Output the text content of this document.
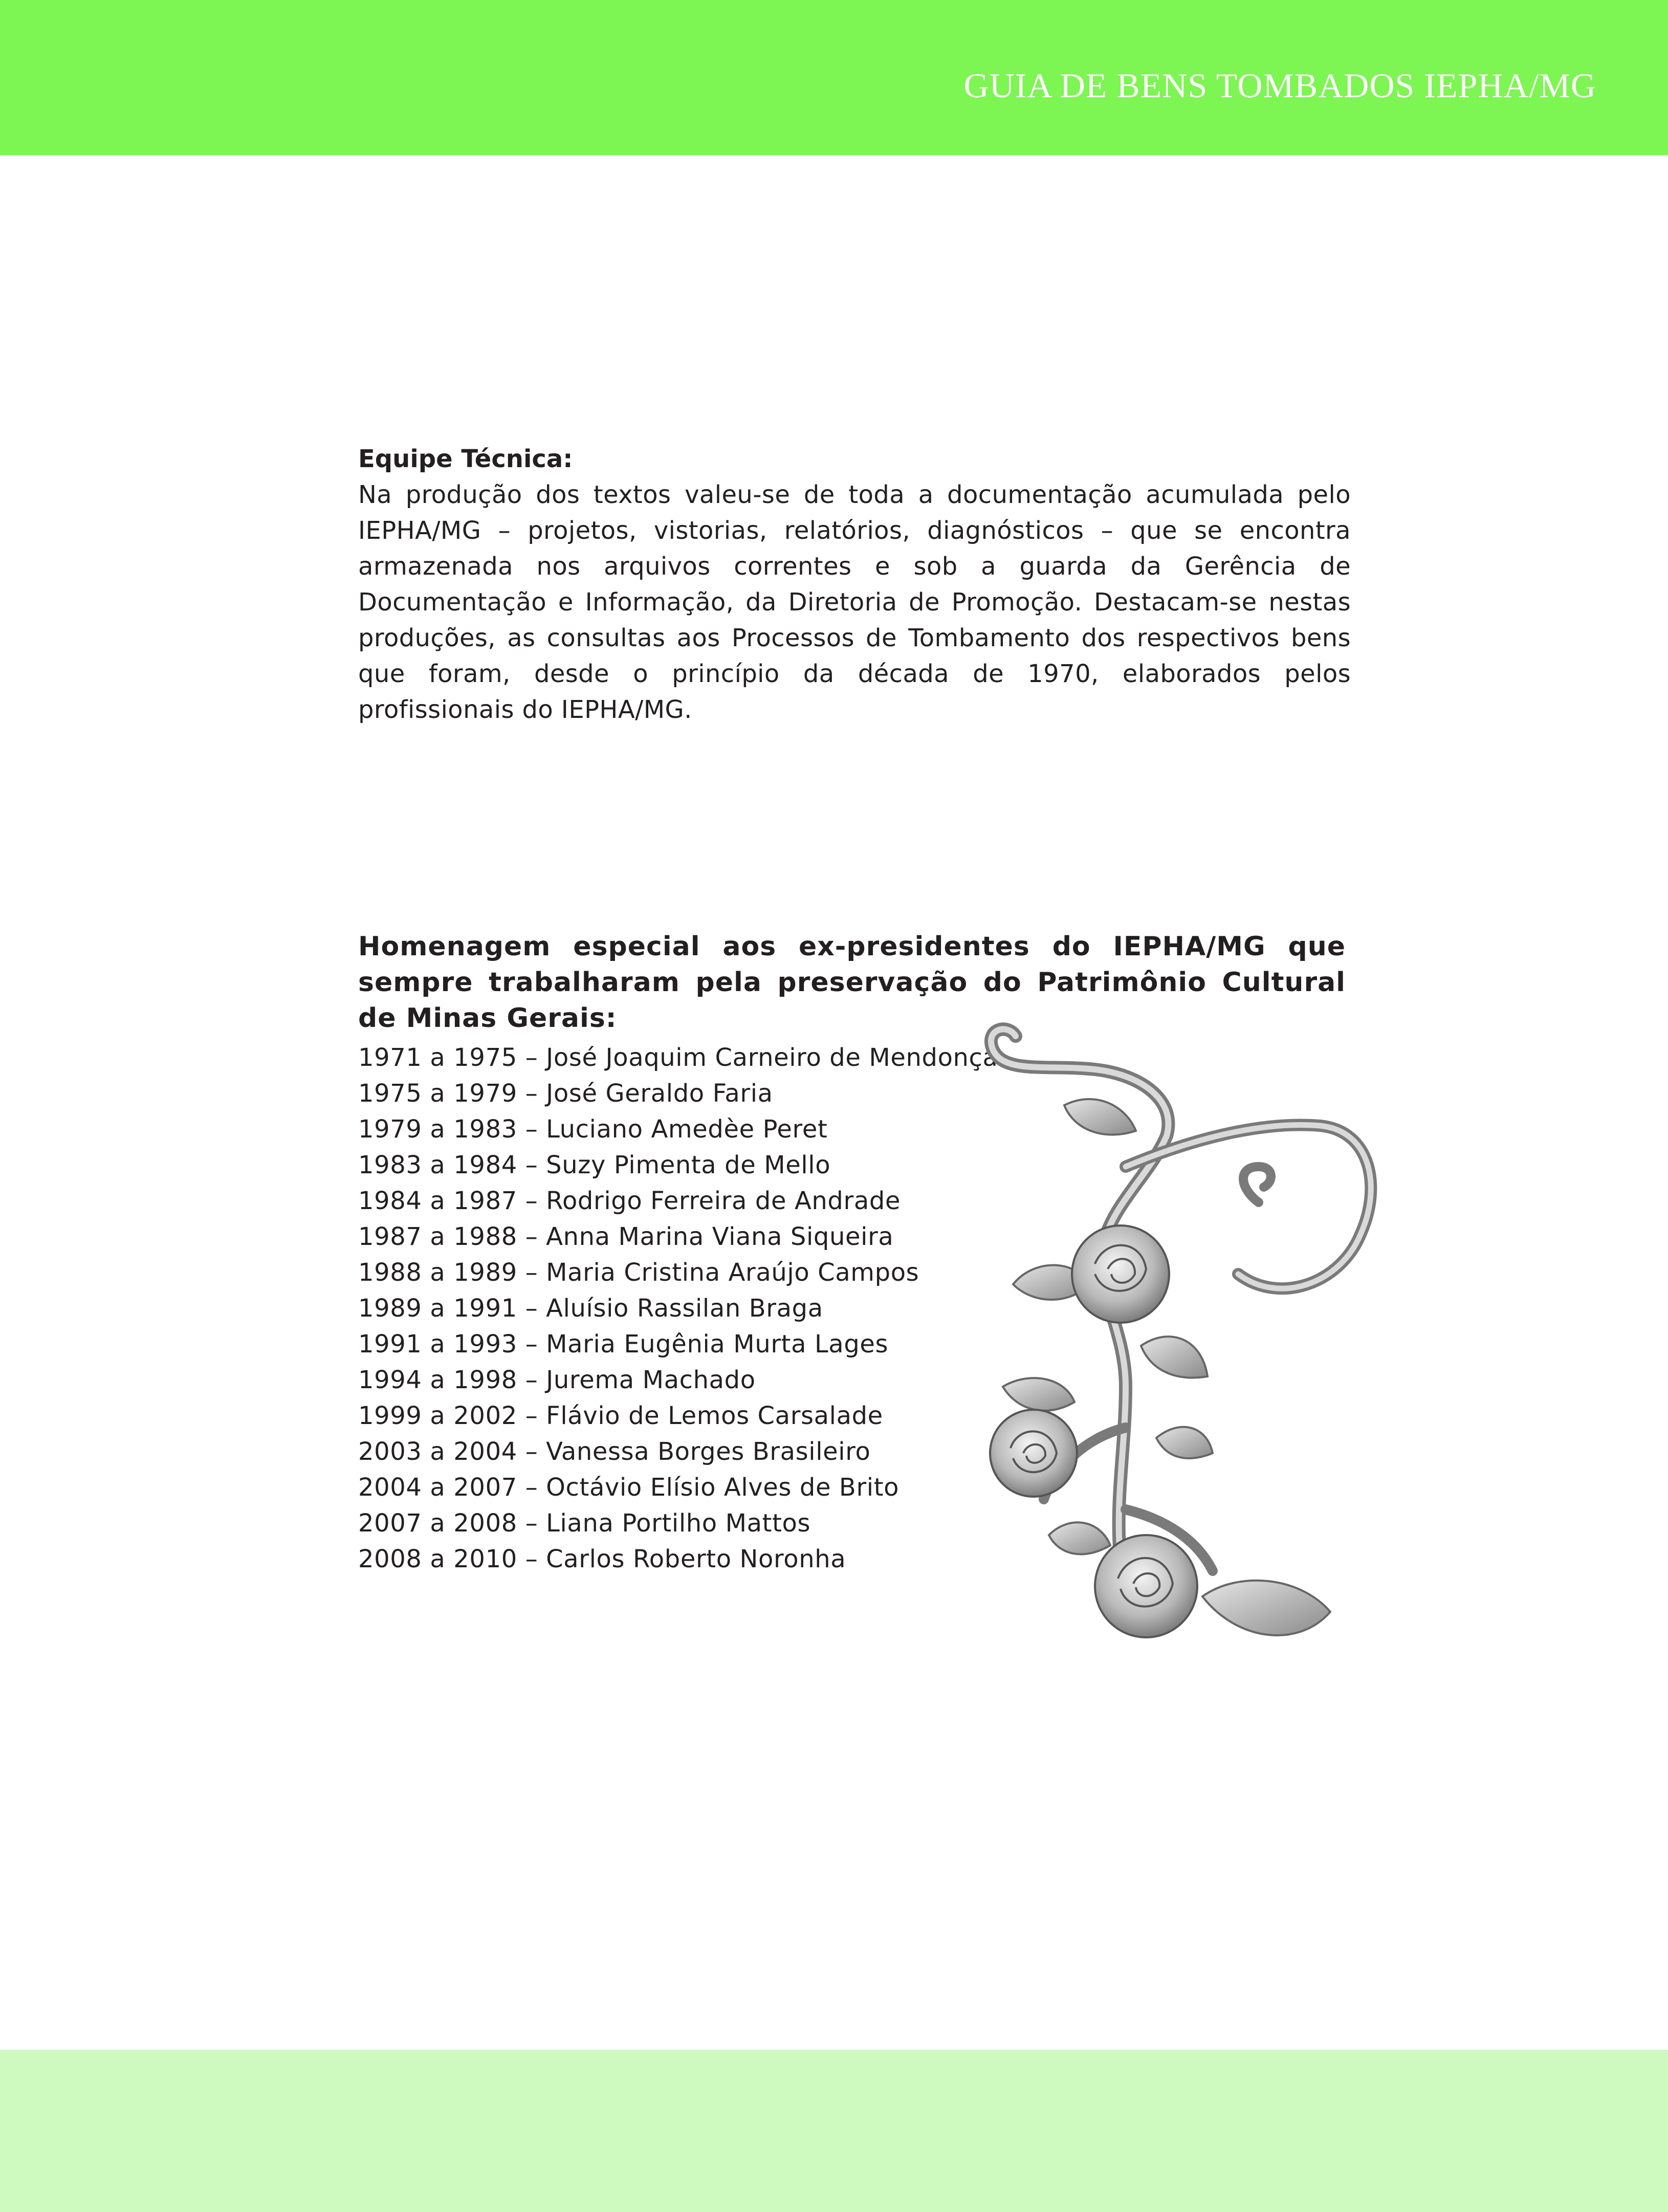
GUIA DE BENS TOMBADOS IEPHA/MG

Equipe Técnica:

Na produção dos textos valeu-se de toda a documentação acumulada pelo IEPHA/MG – projetos, vistorias, relatórios, diagnósticos – que se encontra armazenada nos arquivos correntes e sob a guarda da Gerência de Documentação e Informação, da Diretoria de Promoção. Destacam-se nestas produções, as consultas aos Processos de Tombamento dos respectivos bens que foram, desde o princípio da década de 1970, elaborados pelos profissionais do IEPHA/MG.

Homenagem especial aos ex-presidentes do IEPHA/MG que sempre trabalharam pela preservação do Patrimônio Cultural de Minas Gerais:

1971 a 1975 – José Joaquim Carneiro de Mendonça
1975 a 1979 – José Geraldo Faria
1979 a 1983 – Luciano Amedèe Peret
1983 a 1984 – Suzy Pimenta de Mello
1984 a 1987 – Rodrigo Ferreira de Andrade
1987 a 1988 – Anna Marina Viana Siqueira
1988 a 1989 – Maria Cristina Araújo Campos
1989 a 1991 – Aluísio Rassilan Braga
1991 a 1993 – Maria Eugênia Murta Lages
1994 a 1998 – Jurema Machado
1999 a 2002 – Flávio de Lemos Carsalade
2003 a 2004 – Vanessa Borges Brasileiro
2004 a 2007 – Octávio Elísio Alves de Brito
2007 a 2008 – Liana Portilho Mattos
2008 a 2010 – Carlos Roberto Noronha
